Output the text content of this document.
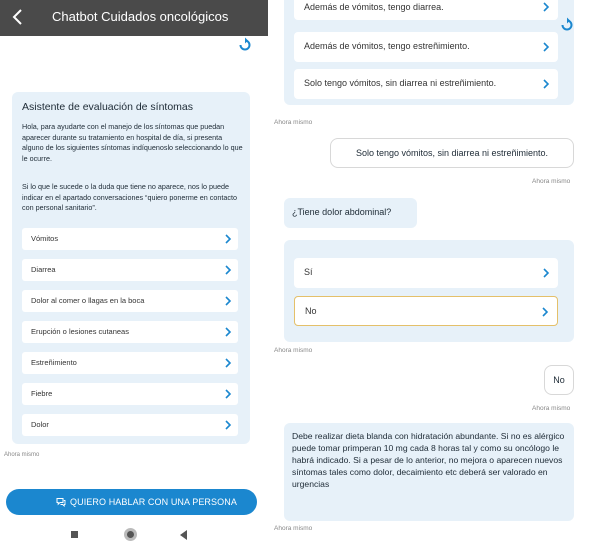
Chatbot Cuidados oncológicos
Asistente de evaluación de síntomas
Hola, para ayudarte con el manejo de los síntomas que puedan aparecer durante su tratamiento en hospital de día, si presenta alguno de los siguientes síntomas indíquenoslo seleccionando lo que le ocurre.
Si lo que le sucede o la duda que tiene no aparece, nos lo puede indicar en el apartado conversaciones “quiero ponerme en contacto con personal sanitario”.
Vómitos
Diarrea
Dolor al comer o llagas en la boca
Erupción o lesiones cutaneas
Estreñimiento
Fiebre
Dolor
Ahora mismo
QUIERO HABLAR CON UNA PERSONA
Además de vómitos, tengo diarrea.
Además de vómitos, tengo estreñimiento.
Solo tengo vómitos, sin diarrea ni estreñimiento.
Ahora mismo
Solo tengo vómitos, sin diarrea ni estreñimiento.
Ahora mismo
¿Tiene dolor abdominal?
Sí
No
Ahora mismo
No
Ahora mismo
Debe realizar dieta blanda con hidratación abundante. Si no es alérgico puede tomar primperan 10 mg cada 8 horas tal y como su oncólogo le habrá indicado. Si a pesar de lo anterior, no mejora o aparecen nuevos síntomas tales como dolor, decaimiento etc deberá ser valorado en urgencias
Ahora mismo
